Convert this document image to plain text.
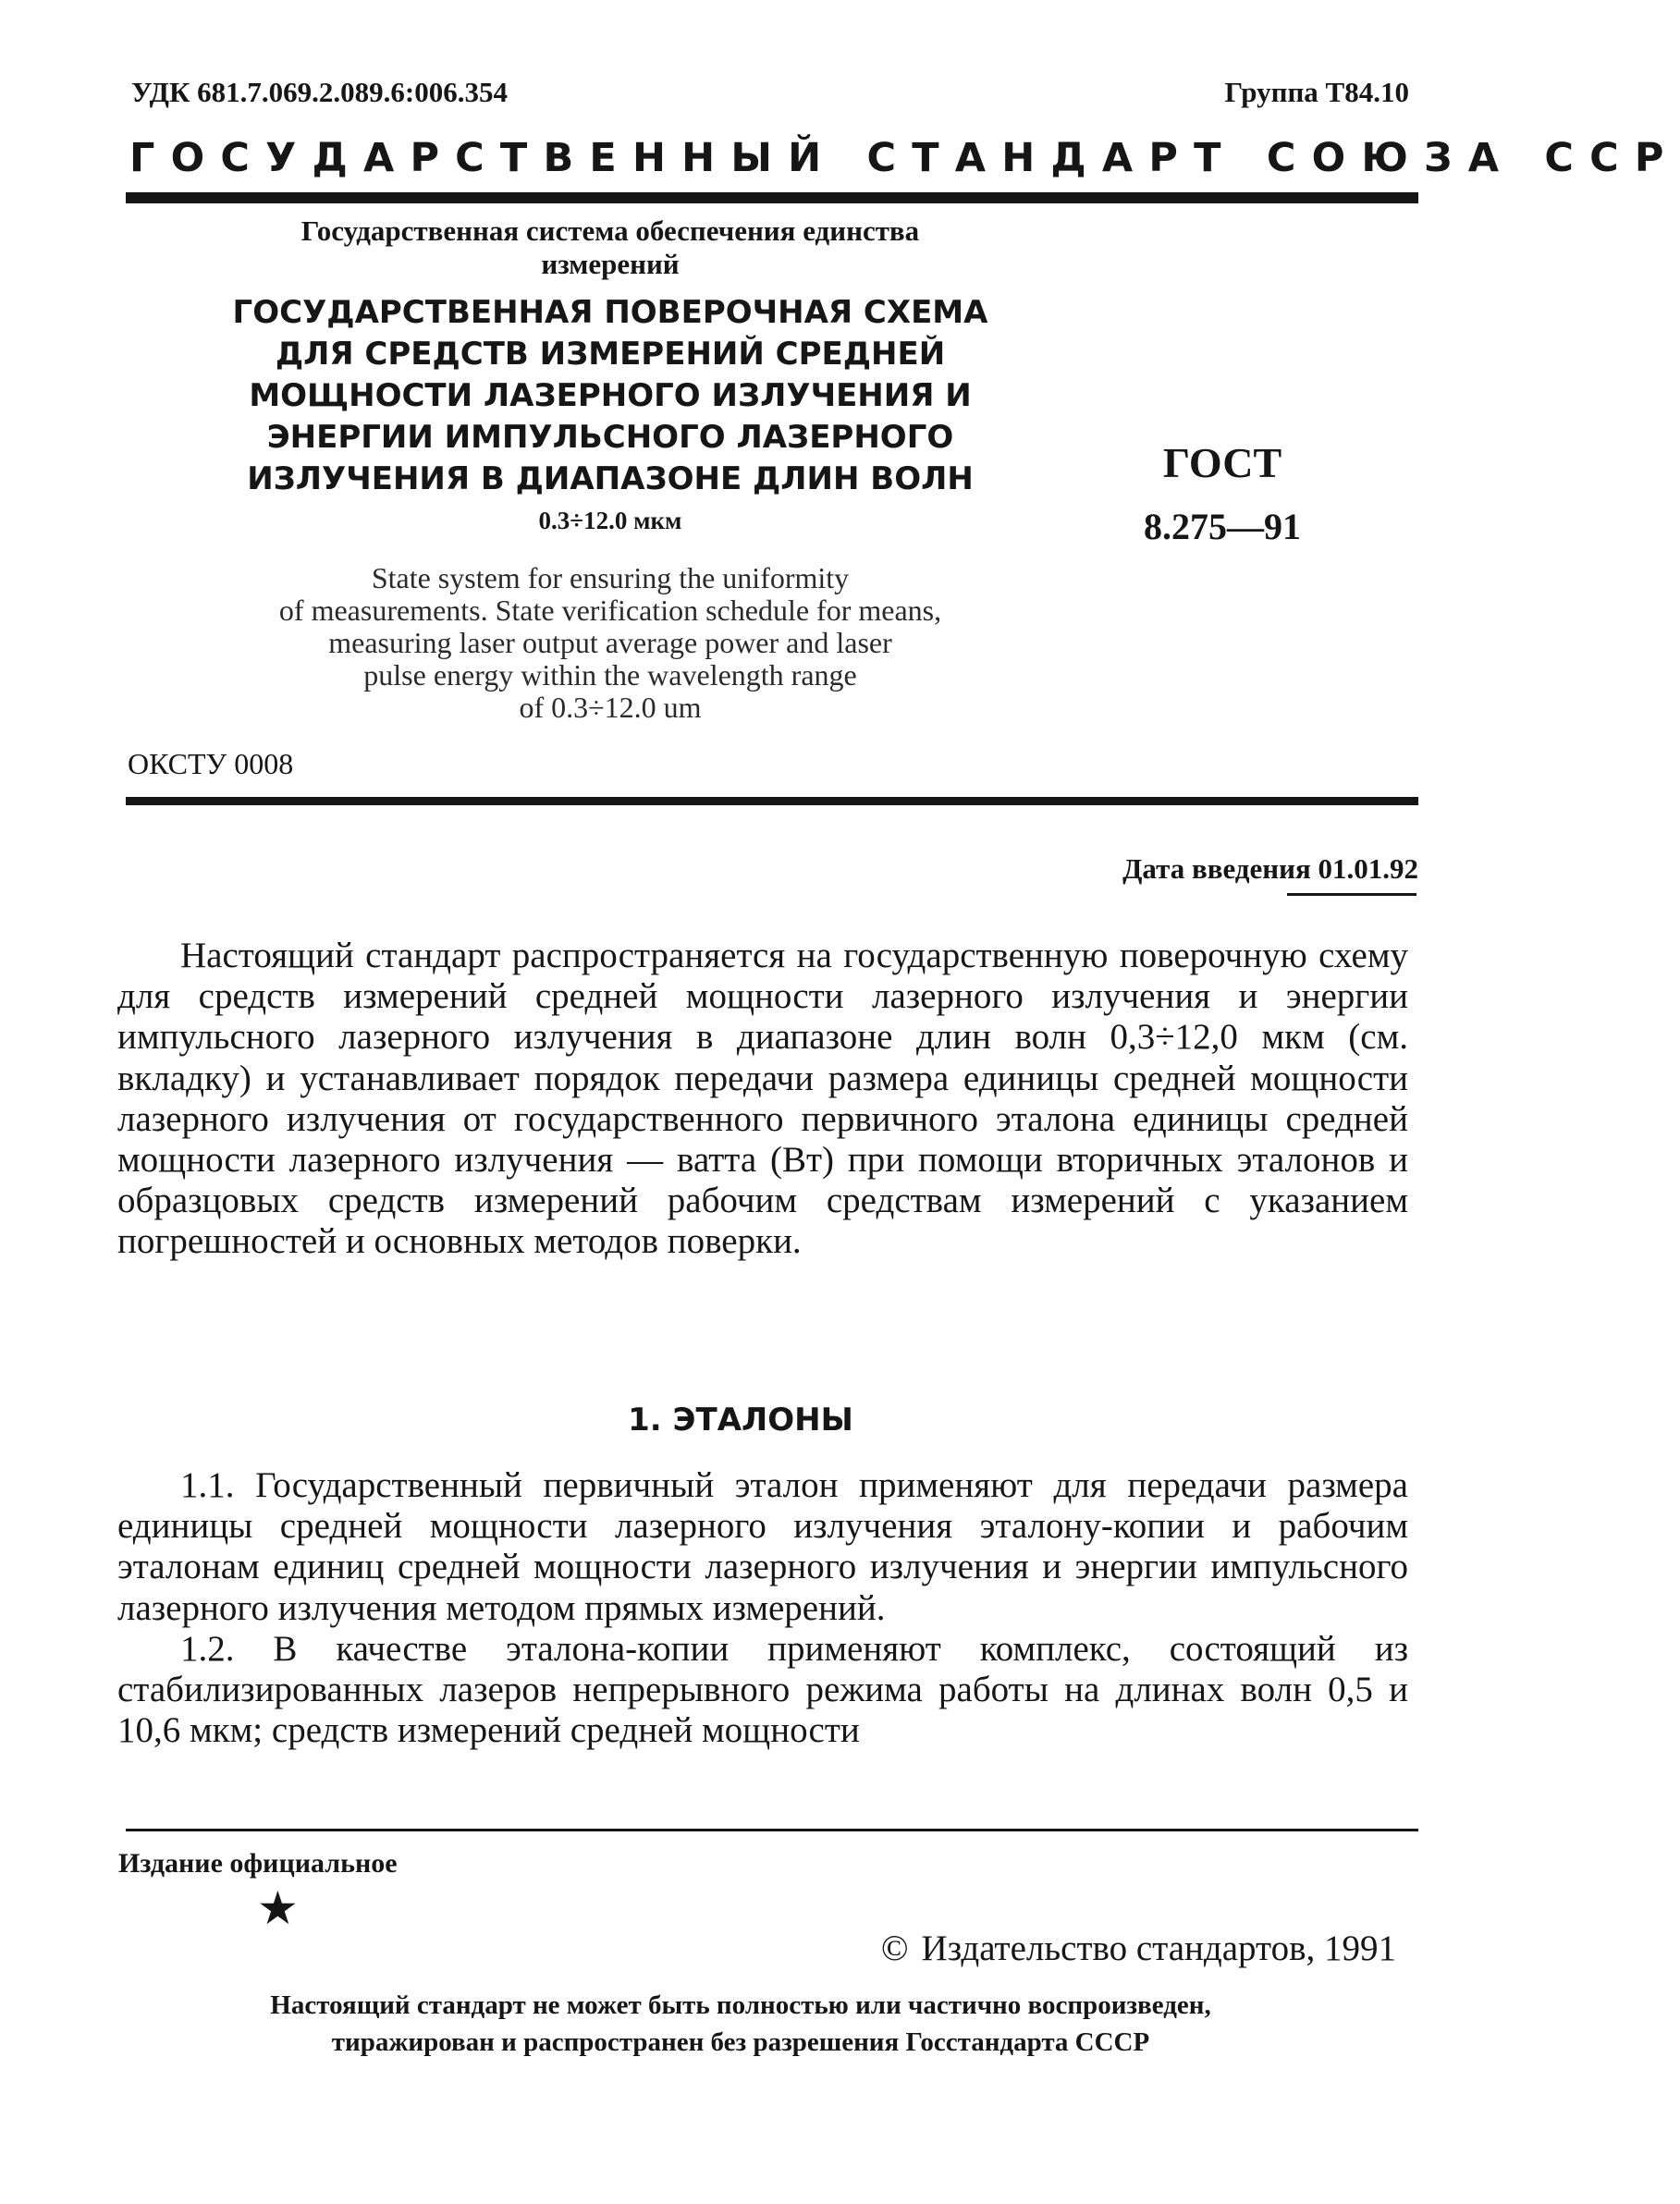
УДК 681.7.069.2.089.6:006.354	Группа Т84.10
ГОСУДАРСТВЕННЫЙ СТАНДАРТ СОЮЗА ССР
Государственная система обеспечения единства
измерений
ГОСУДАРСТВЕННАЯ ПОВЕРОЧНАЯ СХЕМА
ДЛЯ СРЕДСТВ ИЗМЕРЕНИЙ СРЕДНЕЙ
МОЩНОСТИ ЛАЗЕРНОГО ИЗЛУЧЕНИЯ И
ЭНЕРГИИ ИМПУЛЬСНОГО ЛАЗЕРНОГО
ИЗЛУЧЕНИЯ В ДИАПАЗОНЕ ДЛИН ВОЛН
0.3÷12.0 мкм
ГОСТ
8.275—91
State system for ensuring the uniformity
of measurements. State verification schedule for means,
measuring laser output average power and laser
pulse energy within the wavelength range
of 0.3÷12.0 um
ОКСТУ 0008
Дата введения 01.01.92

Настоящий стандарт распространяется на государственную поверочную схему для средств измерений средней мощности лазерного излучения и энергии импульсного лазерного излучения в диапазоне длин волн 0,3÷12,0 мкм (см. вкладку) и устанавливает порядок передачи размера единицы средней мощности лазерного излучения от государственного первичного эталона единицы средней мощности лазерного излучения — ватта (Вт) при помощи вторичных эталонов и образцовых средств измерений рабочим средствам измерений с указанием погрешностей и основных методов поверки.

1. ЭТАЛОНЫ

1.1. Государственный первичный эталон применяют для передачи размера единицы средней мощности лазерного излучения эталону-копии и рабочим эталонам единиц средней мощности лазерного излучения и энергии импульсного лазерного излучения методом прямых измерений.

1.2. В качестве эталона-копии применяют комплекс, состоящий из стабилизированных лазеров непрерывного режима работы на длинах волн 0,5 и 10,6 мкм; средств измерений средней мощности

Издание официальное
★
© Издательство стандартов, 1991
Настоящий стандарт не может быть полностью или частично воспроизведен,
тиражирован и распространен без разрешения Госстандарта СССР
